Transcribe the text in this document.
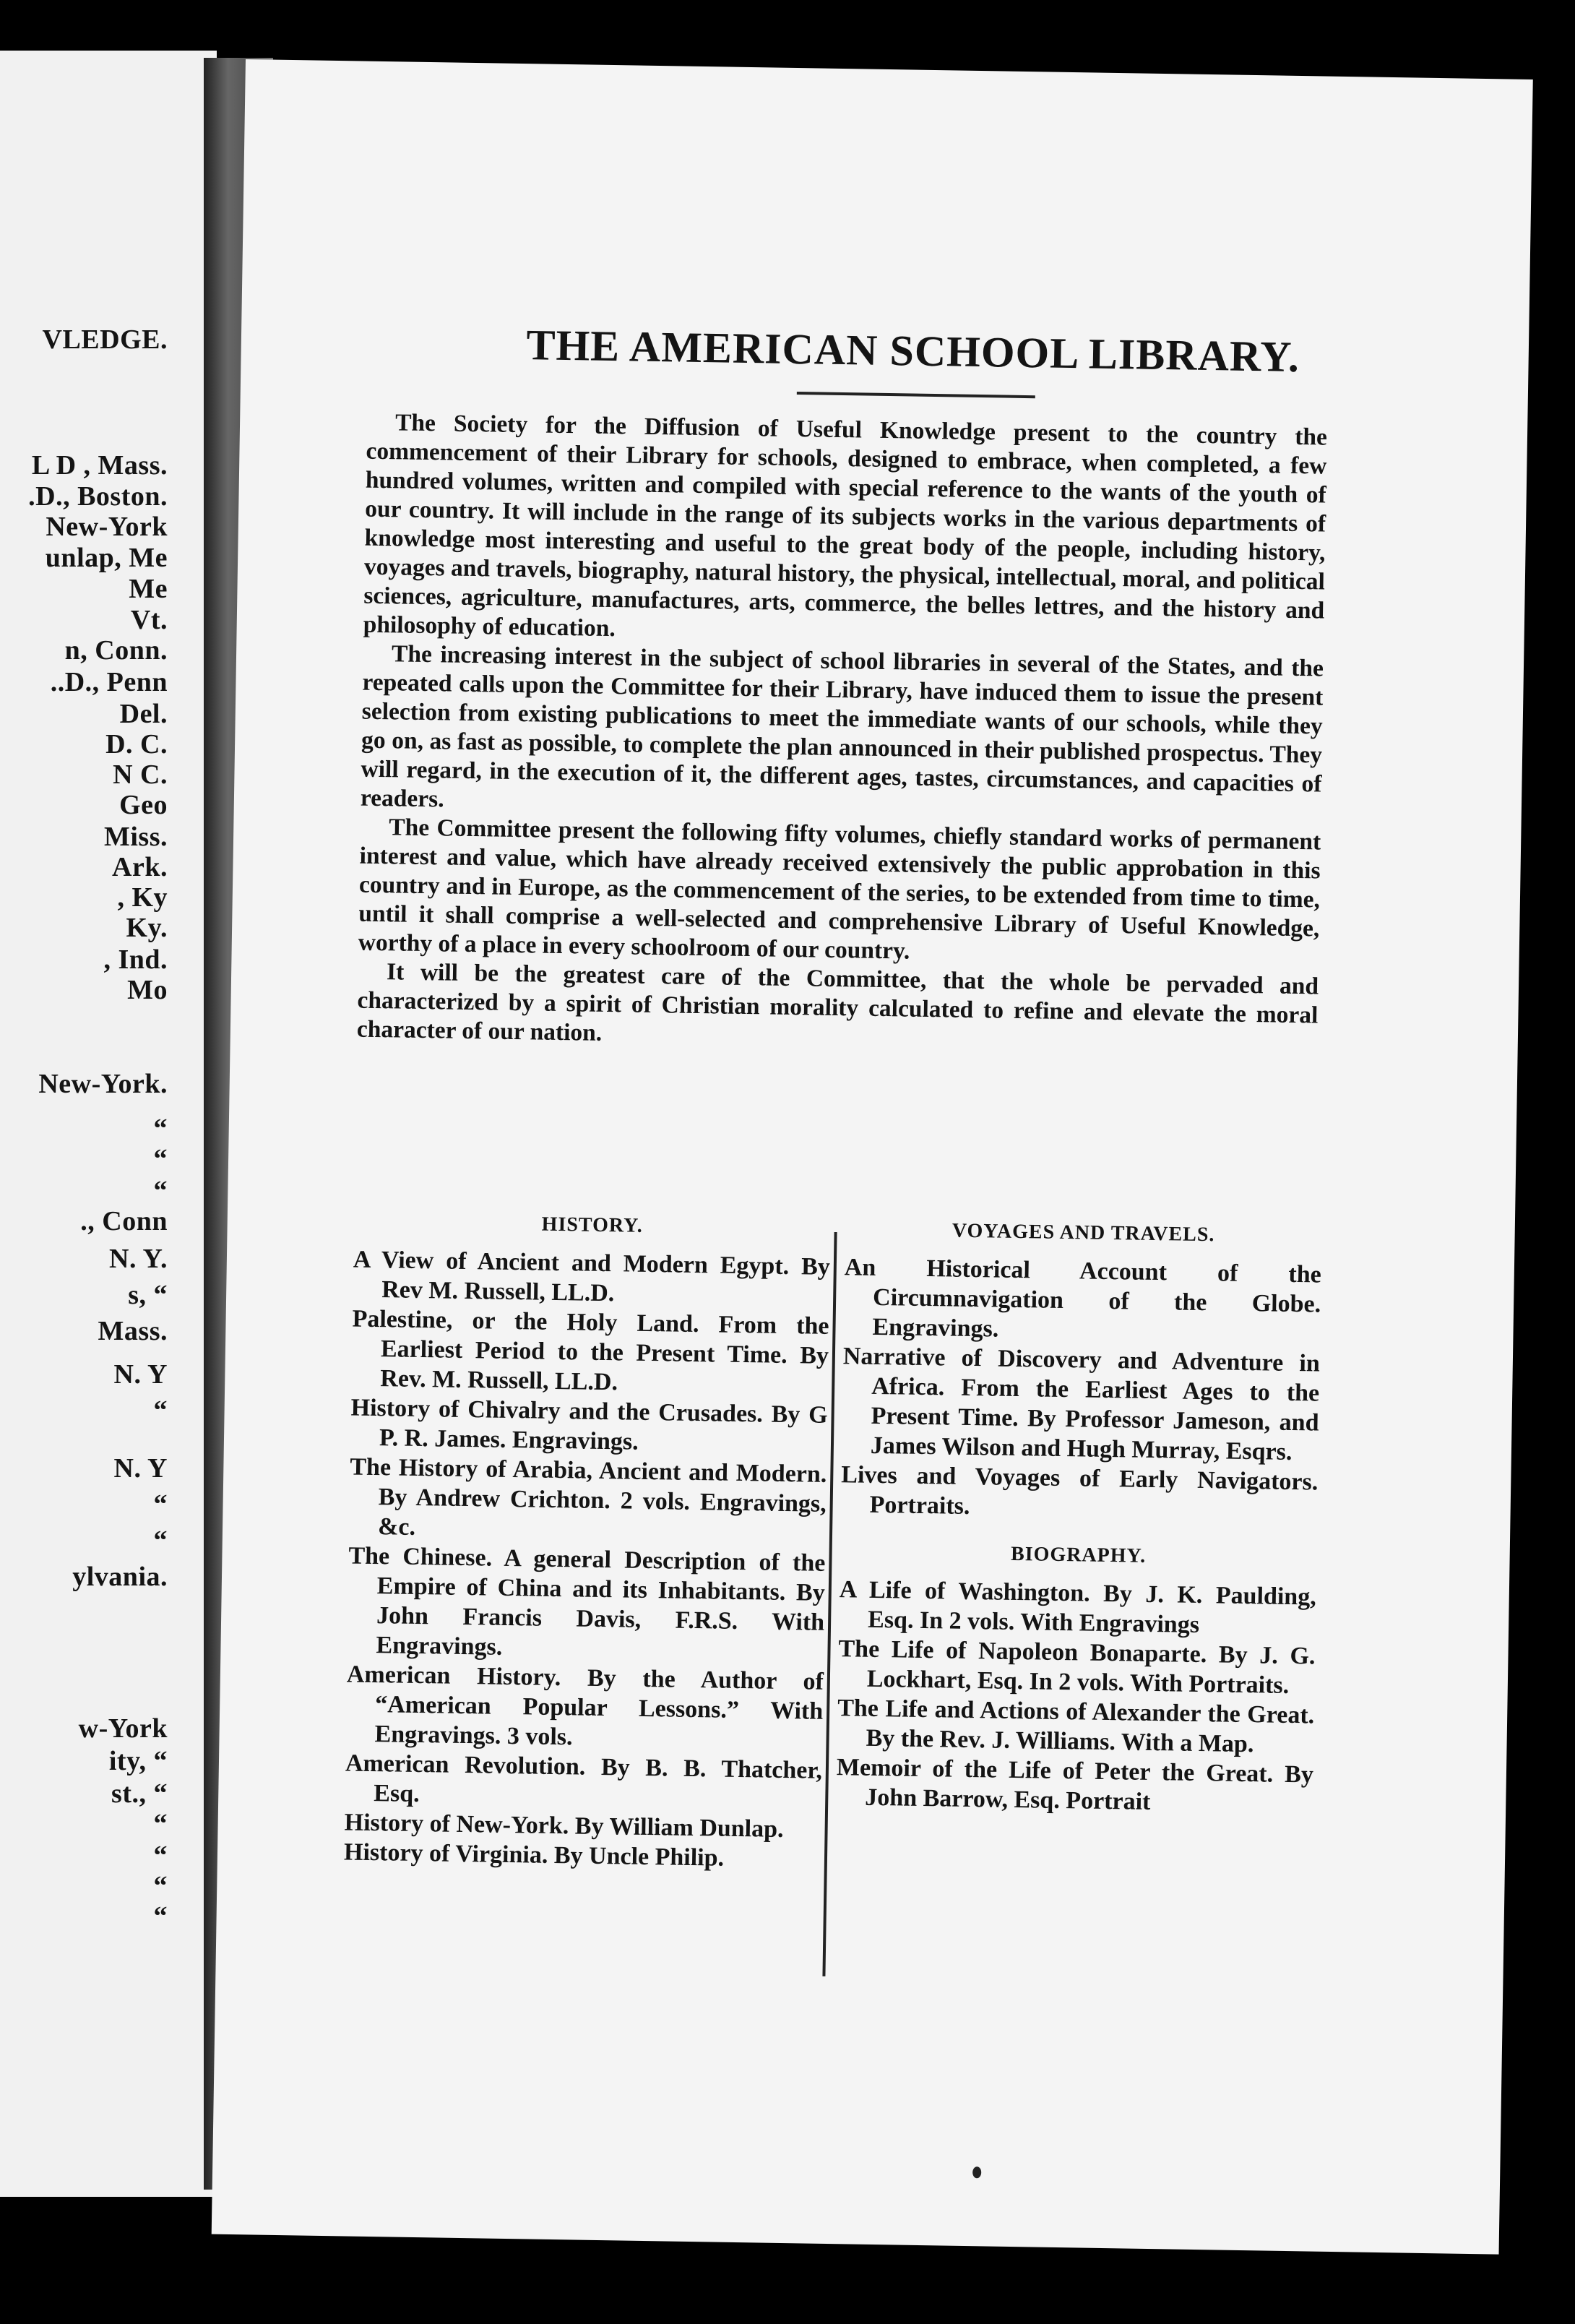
VLEDGE.
L D , Mass.
.D., Boston.
New-York
unlap, Me
Me
Vt.
n, Conn.
..D., Penn
Del.
D. C.
N C.
Geo
Miss.
Ark.
, Ky
Ky.
, Ind.
Mo
New-York.
“
“
“
., Conn
N. Y.
s, “
Mass.
N. Y
“
N. Y
“
“
ylvania.
w-York
ity, “
st., “
“
“
“
“
THE AMERICAN SCHOOL LIBRARY.

The Society for the Diffusion of Useful Knowledge present to the country the commencement of their Library for schools, designed to embrace, when completed, a few hundred volumes, written and compiled with special reference to the wants of the youth of our country. It will include in the range of its subjects works in the various departments of knowledge most interesting and useful to the great body of the people, including history, voyages and travels, biography, natural history, the physical, intellectual, moral, and political sciences, agriculture, manufactures, arts, commerce, the belles lettres, and the history and philosophy of education.

The increasing interest in the subject of school libraries in several of the States, and the repeated calls upon the Committee for their Library, have induced them to issue the present selection from existing publications to meet the immediate wants of our schools, while they go on, as fast as possible, to complete the plan announced in their published prospectus. They will regard, in the execution of it, the different ages, tastes, circumstances, and capacities of readers.

The Committee present the following fifty volumes, chiefly standard works of permanent interest and value, which have already received extensively the public approbation in this country and in Europe, as the commencement of the series, to be extended from time to time, until it shall comprise a well-selected and comprehensive Library of Useful Knowledge, worthy of a place in every schoolroom of our country.

It will be the greatest care of the Committee, that the whole be pervaded and characterized by a spirit of Christian morality calculated to refine and elevate the moral character of our nation.

HISTORY.

A View of Ancient and Modern Egypt. By Rev M. Russell, LL.D.

Palestine, or the Holy Land. From the Earliest Period to the Present Time. By Rev. M. Russell, LL.D.

History of Chivalry and the Crusades. By G P. R. James. Engravings.

The History of Arabia, Ancient and Modern. By Andrew Crichton. 2 vols. Engravings, &c.

The Chinese. A general Description of the Empire of China and its Inhabitants. By John Francis Davis, F.R.S. With Engravings.

American History. By the Author of “American Popular Lessons.” With Engravings. 3 vols.

American Revolution. By B. B. Thatcher, Esq.

History of New-York. By William Dunlap.

History of Virginia. By Uncle Philip.

VOYAGES AND TRAVELS.

An Historical Account of the Circumnavigation of the Globe. Engravings.

Narrative of Discovery and Adventure in Africa. From the Earliest Ages to the Present Time. By Professor Jameson, and James Wilson and Hugh Murray, Esqrs.

Lives and Voyages of Early Navigators. Portraits.

BIOGRAPHY.

A Life of Washington. By J. K. Paulding, Esq. In 2 vols. With Engravings

The Life of Napoleon Bonaparte. By J. G. Lockhart, Esq. In 2 vols. With Portraits.

The Life and Actions of Alexander the Great. By the Rev. J. Williams. With a Map.

Memoir of the Life of Peter the Great. By John Barrow, Esq. Portrait
